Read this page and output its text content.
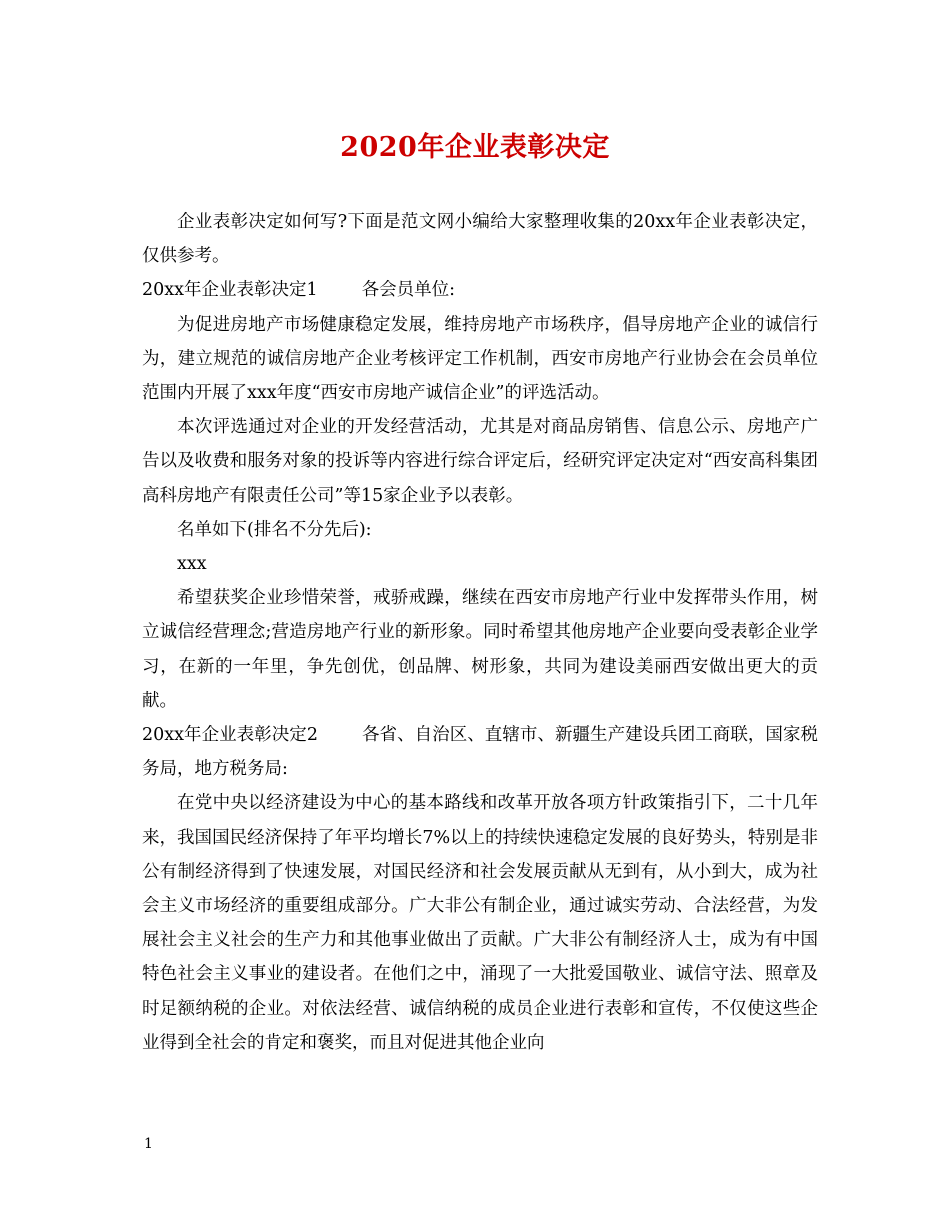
2020年企业表彰决定

企业表彰决定如何写?下面是范文网小编给大家整理收集的20xx年企业表彰决定，仅供参考。

20xx年企业表彰决定1	各会员单位:

为促进房地产市场健康稳定发展，维持房地产市场秩序，倡导房地产企业的诚信行为，建立规范的诚信房地产企业考核评定工作机制，西安市房地产行业协会在会员单位范围内开展了xxx年度“西安市房地产诚信企业”的评选活动。

本次评选通过对企业的开发经营活动，尤其是对商品房销售、信息公示、房地产广告以及收费和服务对象的投诉等内容进行综合评定后，经研究评定决定对“西安高科集团高科房地产有限责任公司”等15家企业予以表彰。

名单如下(排名不分先后):

xxx

希望获奖企业珍惜荣誉，戒骄戒躁，继续在西安市房地产行业中发挥带头作用，树立诚信经营理念;营造房地产行业的新形象。同时希望其他房地产企业要向受表彰企业学习，在新的一年里，争先创优，创品牌、树形象，共同为建设美丽西安做出更大的贡献。

20xx年企业表彰决定2	各省、自治区、直辖市、新疆生产建设兵团工商联，国家税务局，地方税务局:

在党中央以经济建设为中心的基本路线和改革开放各项方针政策指引下，二十几年来，我国国民经济保持了年平均增长7%以上的持续快速稳定发展的良好势头，特别是非公有制经济得到了快速发展，对国民经济和社会发展贡献从无到有，从小到大，成为社会主义市场经济的重要组成部分。广大非公有制企业，通过诚实劳动、合法经营，为发展社会主义社会的生产力和其他事业做出了贡献。广大非公有制经济人士，成为有中国特色社会主义事业的建设者。在他们之中，涌现了一大批爱国敬业、诚信守法、照章及时足额纳税的企业。对依法经营、诚信纳税的成员企业进行表彰和宣传，不仅使这些企业得到全社会的肯定和褒奖，而且对促进其他企业向

1
